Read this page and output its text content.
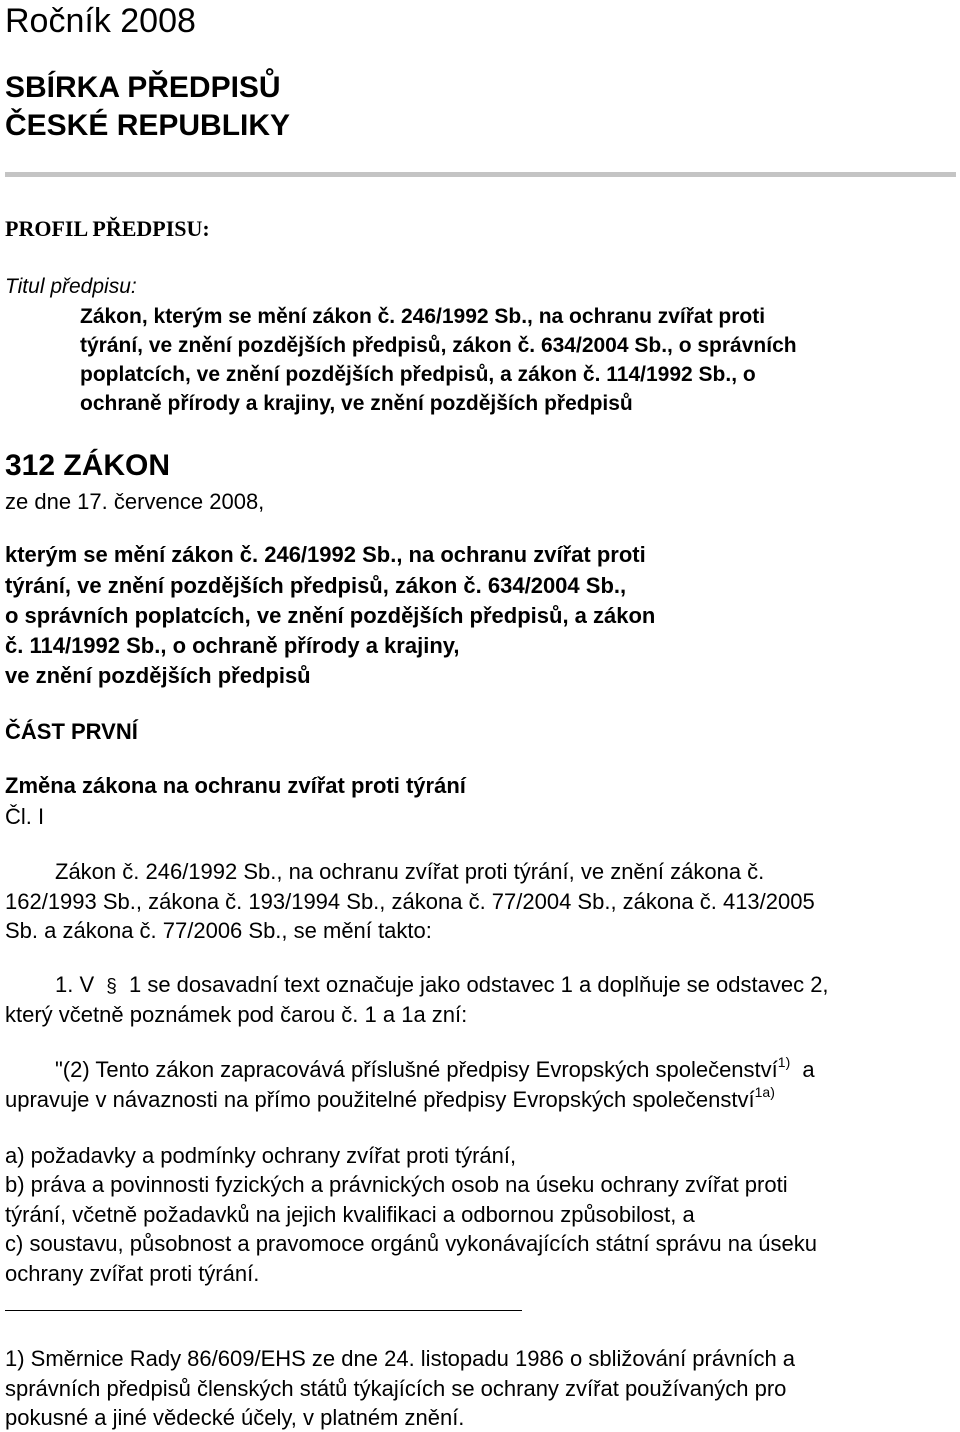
Ročník 2008
SBÍRKA PŘEDPISŮ
ČESKÉ REPUBLIKY
PROFIL PŘEDPISU:
Titul předpisu:
Zákon, kterým se mění zákon č. 246/1992 Sb., na ochranu zvířat proti
týrání, ve znění pozdějších předpisů, zákon č. 634/2004 Sb., o správních
poplatcích, ve znění pozdějších předpisů, a zákon č. 114/1992 Sb., o
ochraně přírody a krajiny, ve znění pozdějších předpisů
312 ZÁKON
ze dne 17. července 2008,
kterým se mění zákon č. 246/1992 Sb., na ochranu zvířat proti
týrání, ve znění pozdějších předpisů, zákon č. 634/2004 Sb.,
o správních poplatcích, ve znění pozdějších předpisů, a zákon
č. 114/1992 Sb., o ochraně přírody a krajiny,
ve znění pozdějších předpisů
ČÁST PRVNÍ
Změna zákona na ochranu zvířat proti týrání
Čl. I
Zákon č. 246/1992 Sb., na ochranu zvířat proti týrání, ve znění zákona č.
162/1993 Sb., zákona č. 193/1994 Sb., zákona č. 77/2004 Sb., zákona č. 413/2005
Sb. a zákona č. 77/2006 Sb., se mění takto:
1. V § 1 se dosavadní text označuje jako odstavec 1 a doplňuje se odstavec 2,
který včetně poznámek pod čarou č. 1 a 1a zní:
"(2) Tento zákon zapracovává příslušné předpisy Evropských společenství$^{1)}$ a
upravuje v návaznosti na přímo použitelné předpisy Evropských společenství$^{1a)}$
a) požadavky a podmínky ochrany zvířat proti týrání,
b) práva a povinnosti fyzických a právnických osob na úseku ochrany zvířat proti
týrání, včetně požadavků na jejich kvalifikaci a odbornou způsobilost, a
c) soustavu, působnost a pravomoce orgánů vykonávajících státní správu na úseku
ochrany zvířat proti týrání.
1) Směrnice Rady 86/609/EHS ze dne 24. listopadu 1986 o sbližování právních a
správních předpisů členských států týkajících se ochrany zvířat používaných pro
pokusné a jiné vědecké účely, v platném znění.
